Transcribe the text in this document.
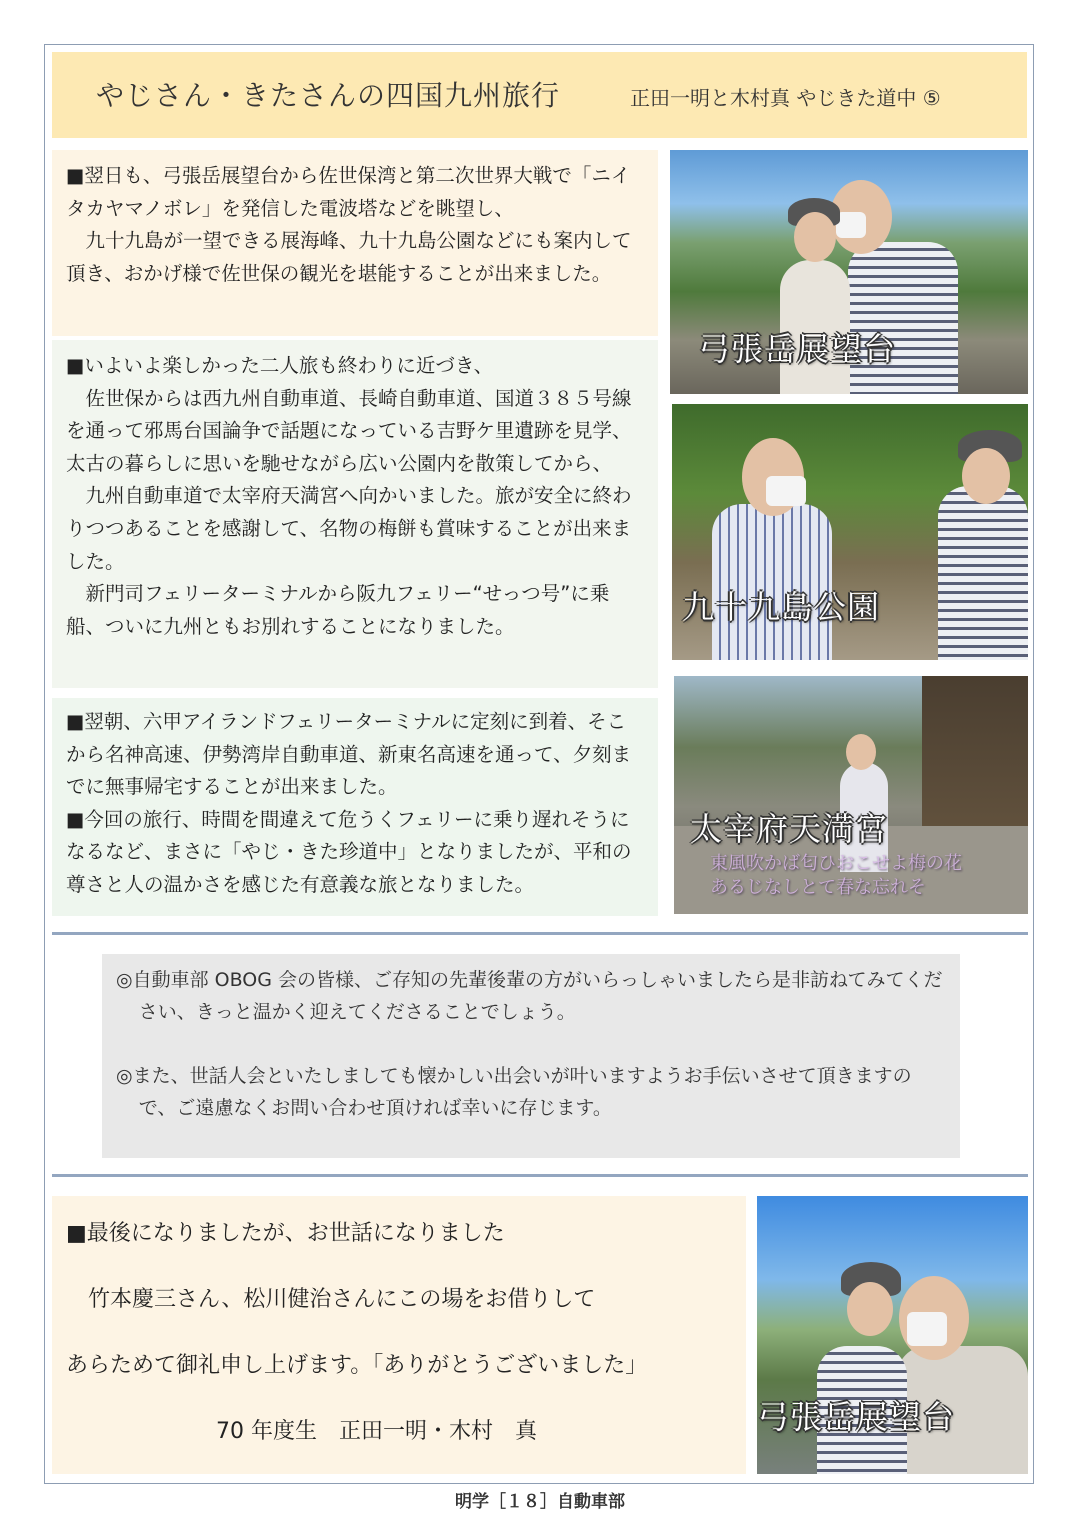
やじさん・きたさんの四国九州旅行	正田一明と木村真 やじきた道中 ⑤

■翌日も、弓張岳展望台から佐世保湾と第二次世界大戦で「ニイタカヤマノボレ」を発信した電波塔などを眺望し、

九十九島が一望できる展海峰、九十九島公園などにも案内して頂き、おかげ様で佐世保の観光を堪能することが出来ました。

■いよいよ楽しかった二人旅も終わりに近づき、

佐世保からは西九州自動車道、長崎自動車道、国道３８５号線を通って邪馬台国論争で話題になっている吉野ケ里遺跡を見学、太古の暮らしに思いを馳せながら広い公園内を散策してから、

九州自動車道で太宰府天満宮へ向かいました。旅が安全に終わりつつあることを感謝して、名物の梅餅も賞味することが出来ました。

新門司フェリーターミナルから阪九フェリー“せっつ号”に乗船、ついに九州ともお別れすることになりました。

■翌朝、六甲アイランドフェリーターミナルに定刻に到着、そこから名神高速、伊勢湾岸自動車道、新東名高速を通って、夕刻までに無事帰宅することが出来ました。

■今回の旅行、時間を間違えて危うくフェリーに乗り遅れそうになるなど、まさに「やじ・きた珍道中」となりましたが、平和の尊さと人の温かさを感じた有意義な旅となりました。

弓張岳展望台
九十九島公園
太宰府天満宮
東風吹かば匂ひおこせよ梅の花
あるじなしとて春な忘れそ

◎自動車部 OBOG 会の皆様、ご存知の先輩後輩の方がいらっしゃいましたら是非訪ねてみてください、きっと温かく迎えてくださることでしょう。

◎また、世話人会といたしましても懐かしい出会いが叶いますようお手伝いさせて頂きますので、ご遠慮なくお問い合わせ頂ければ幸いに存じます。

■最後になりましたが、お世話になりました
竹本慶三さん、松川健治さんにこの場をお借りして
あらためて御礼申し上げます。「ありがとうございました」
70 年度生　正田一明・木村　真	弓張岳展望台
明学［１８］自動車部
